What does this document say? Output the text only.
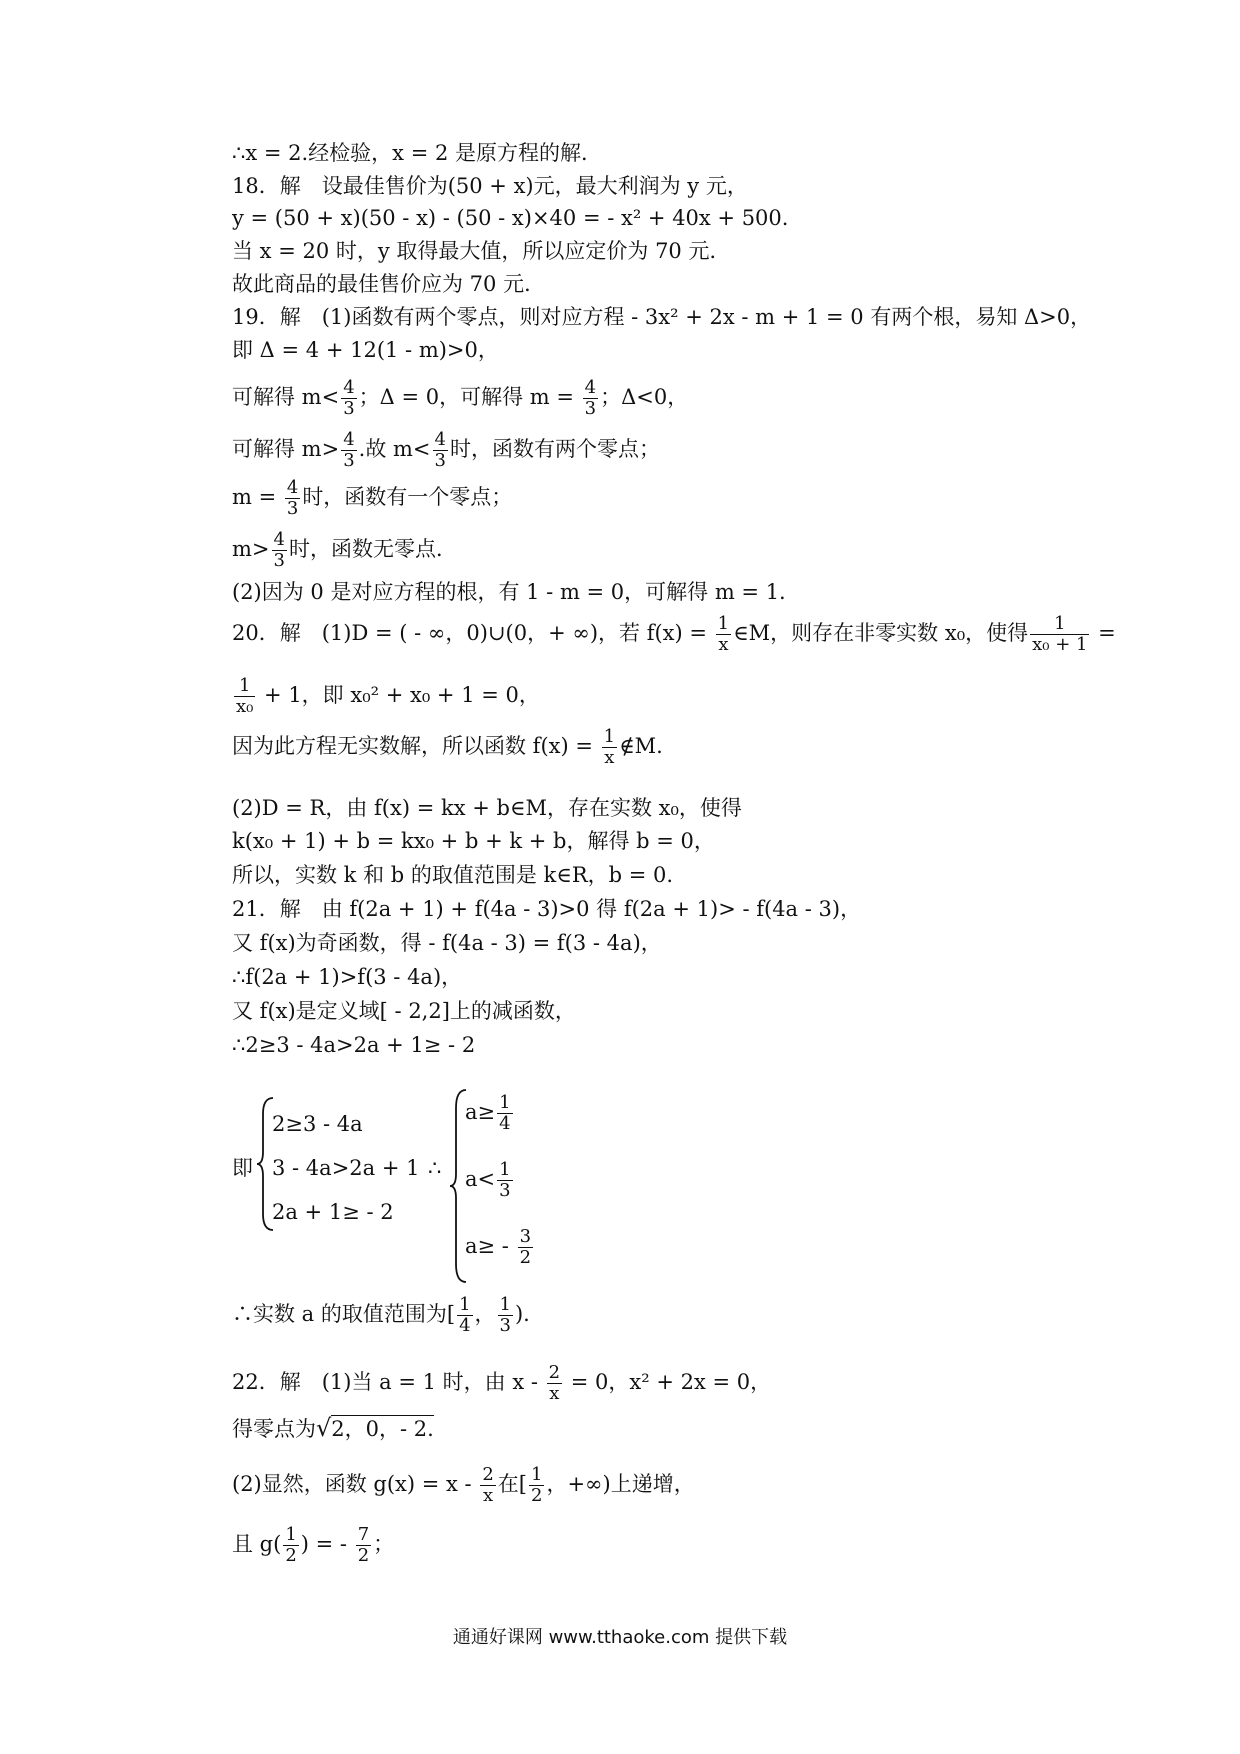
∴x = 2.经检验，x = 2 是原方程的解．
18．解　设最佳售价为(50 + x)元，最大利润为 y 元，
y = (50 + x)(50 - x) - (50 - x)×40 = - x² + 40x + 500.
当 x = 20 时，y 取得最大值，所以应定价为 70 元．
故此商品的最佳售价应为 70 元．
19．解　(1)函数有两个零点，则对应方程 - 3x² + 2x - m + 1 = 0 有两个根，易知 Δ>0，
即 Δ = 4 + 12(1 - m)>0，
可解得 $m< \frac{4}{3}$ ；Δ = 0，可解得 $m = \frac{4}{3}$ ；Δ<0，
可解得 $m> \frac{4}{3}$ .故 $m< \frac{4}{3}$ 时，函数有两个零点；
$m = \frac{4}{3}$ 时，函数有一个零点；
$m> \frac{4}{3}$ 时，函数无零点．
(2)因为 0 是对应方程的根，有 1 - m = 0，可解得 m = 1.
20．解　(1)D = ( - ∞，0)∪(0，+ ∞)，若 $f(x) = \frac{1}{x}$ ∈M，则存在非零实数 x₀，使得 $\frac{1}{\text{x₀ + 1}}$ =
$\frac{1}{\text{x₀}} + 1$，即 x₀² + x₀ + 1 = 0，
因为此方程无实数解，所以函数 $f(x) = \frac{1}{x}$ ∉M.
(2)D = R，由 f(x) = kx + b∈M，存在实数 x₀，使得
k(x₀ + 1) + b = kx₀ + b + k + b，解得 b = 0，
所以，实数 k 和 b 的取值范围是 k∈R，b = 0.
21．解　由 f(2a + 1) + f(4a - 3)>0 得 f(2a + 1)> - f(4a - 3)，
又 f(x)为奇函数，得 - f(4a - 3) = f(3 - 4a)，
∴f(2a + 1)>f(3 - 4a)，
又 f(x)是定义域[ - 2,2]上的减函数，
∴2≥3 - 4a>2a + 1≥ - 2
即
2≥3 - 4a
3 - 4a>2a + 1
2a + 1≥ - 2
∴
$a\ge \frac{1}{4}$
$a< \frac{1}{3}$
$a\ge - \frac{3}{2}$
∴实数 a 的取值范围为[ $\frac{1}{4}$ ， $\frac{1}{3}$ ).
22．解　(1)当 a = 1 时，由 $x - \frac{2}{x} = 0$，x² + 2x = 0，
得零点为√2，0，- 2.
(2)显然，函数 $g(x) = x - \frac{2}{x}$ 在[ $\frac{1}{2}$ ，+∞)上递增，
且 $g( \frac{1}{2}$ ) = - $\frac{7}{2}$ ；
通通好课网 www.tthaoke.com 提供下载
